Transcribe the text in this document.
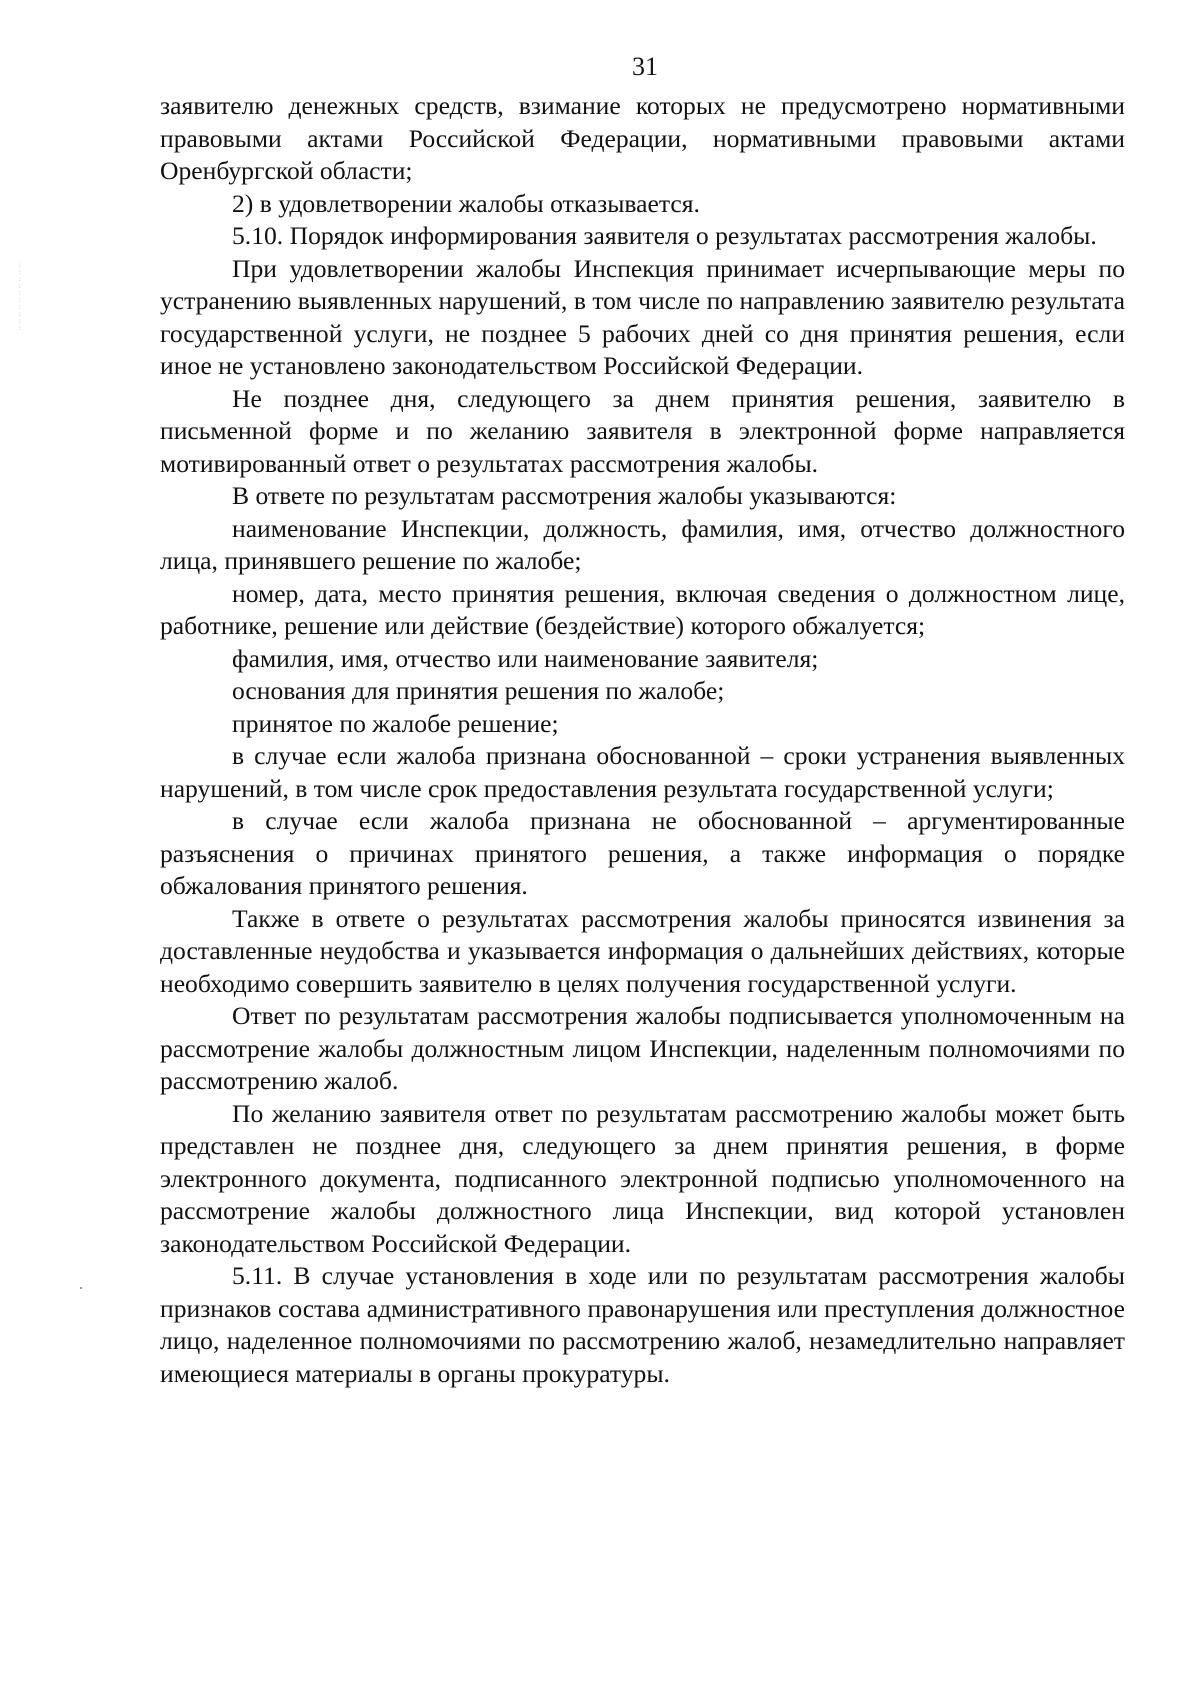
:
:
:
:
:
:
:
:
:
:
31

заявителю денежных средств, взимание которых не предусмотрено нормативными правовыми актами Российской Федерации, нормативными правовыми актами Оренбургской области;

2) в удовлетворении жалобы отказывается.

5.10. Порядок информирования заявителя о результатах рассмотрения жалобы.

При удовлетворении жалобы Инспекция принимает исчерпывающие меры по устранению выявленных нарушений, в том числе по направлению заявителю результата государственной услуги, не позднее 5 рабочих дней со дня принятия решения, если иное не установлено законодательством Российской Федерации.

Не позднее дня, следующего за днем принятия решения, заявителю в письменной форме и по желанию заявителя в электронной форме направляется мотивированный ответ о результатах рассмотрения жалобы.

В ответе по результатам рассмотрения жалобы указываются:

наименование Инспекции, должность, фамилия, имя, отчество должностного лица, принявшего решение по жалобе;

номер, дата, место принятия решения, включая сведения о должностном лице, работнике, решение или действие (бездействие) которого обжалуется;

фамилия, имя, отчество или наименование заявителя;

основания для принятия решения по жалобе;

принятое по жалобе решение;

в случае если жалоба признана обоснованной – сроки устранения выявленных нарушений, в том числе срок предоставления результата государственной услуги;

в случае если жалоба признана не обоснованной – аргументированные разъяснения о причинах принятого решения, а также информация о порядке обжалования принятого решения.

Также в ответе о результатах рассмотрения жалобы приносятся извинения за доставленные неудобства и указывается информация о дальнейших действиях, которые необходимо совершить заявителю в целях получения государственной услуги.

Ответ по результатам рассмотрения жалобы подписывается уполномоченным на рассмотрение жалобы должностным лицом Инспекции, наделенным полномочиями по рассмотрению жалоб.

По желанию заявителя ответ по результатам рассмотрению жалобы может быть представлен не позднее дня, следующего за днем принятия решения, в форме электронного документа, подписанного электронной подписью уполномоченного на рассмотрение жалобы должностного лица Инспекции, вид которой установлен законодательством Российской Федерации.

5.11. В случае установления в ходе или по результатам рассмотрения жалобы признаков состава административного правонарушения или преступления должностное лицо, наделенное полномочиями по рассмотрению жалоб, незамедлительно направляет имеющиеся материалы в органы прокуратуры.
